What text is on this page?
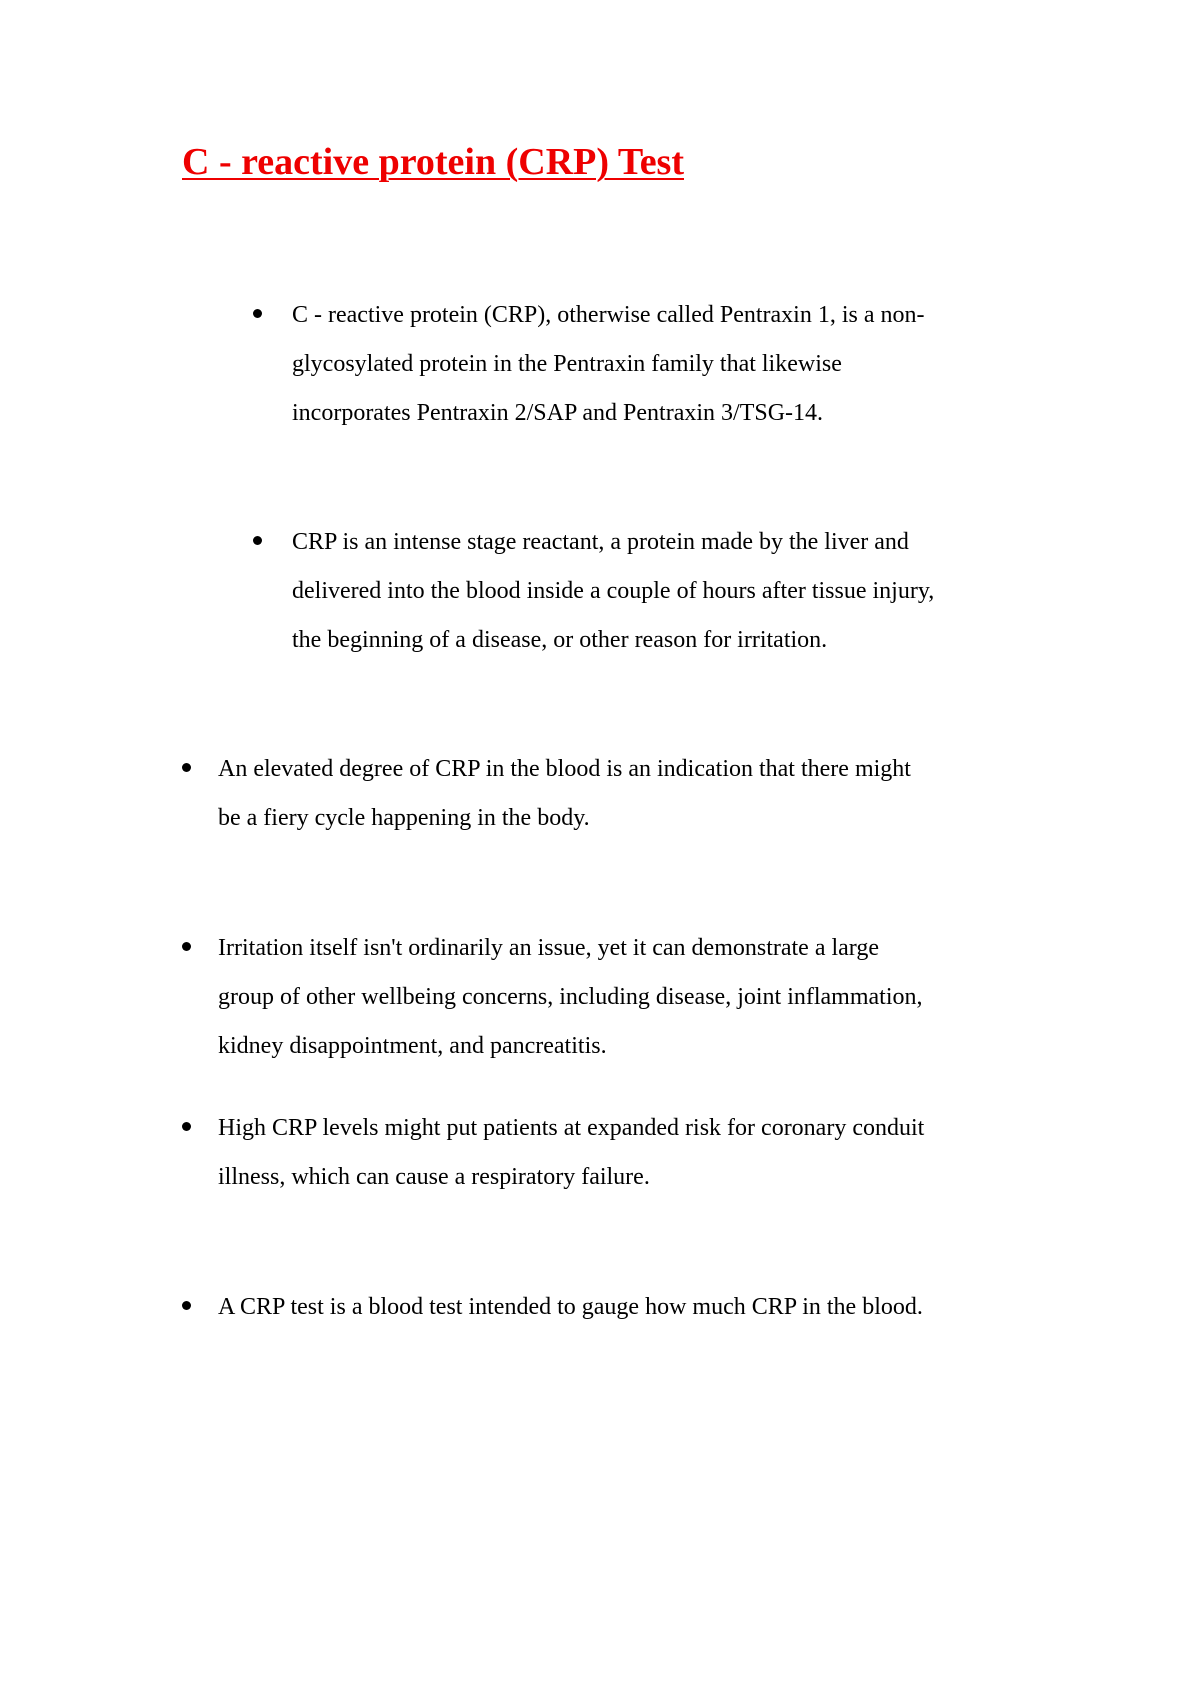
C - reactive protein (CRP) Test
C - reactive protein (CRP), otherwise called Pentraxin 1, is a non-
glycosylated protein in the Pentraxin family that likewise
incorporates Pentraxin 2/SAP and Pentraxin 3/TSG-14.
CRP is an intense stage reactant, a protein made by the liver and
delivered into the blood inside a couple of hours after tissue injury,
the beginning of a disease, or other reason for irritation.
An elevated degree of CRP in the blood is an indication that there might
be a fiery cycle happening in the body.
Irritation itself isn't ordinarily an issue, yet it can demonstrate a large
group of other wellbeing concerns, including disease, joint inflammation,
kidney disappointment, and pancreatitis.
High CRP levels might put patients at expanded risk for coronary conduit
illness, which can cause a respiratory failure.
A CRP test is a blood test intended to gauge how much CRP in the blood.
